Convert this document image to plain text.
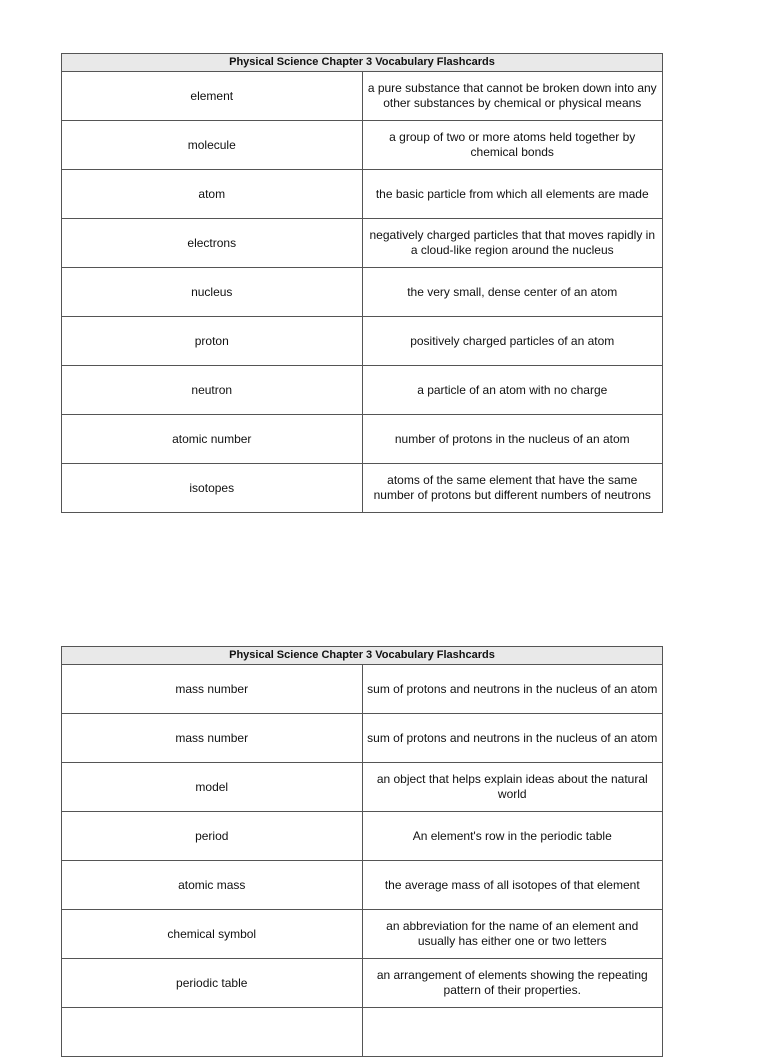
Physical Science Chapter 3 Vocabulary Flashcards	
element	a pure substance that cannot be broken down into any other substances by chemical or physical means
molecule	a group of two or more atoms held together by chemical bonds
atom	the basic particle from which all elements are made
electrons	negatively charged particles that that moves rapidly in a cloud-like region around the nucleus
nucleus	the very small, dense center of an atom
proton	positively charged particles of an atom
neutron	a particle of an atom with no charge
atomic number	number of protons in the nucleus of an atom
isotopes	atoms of the same element that have the same number of protons but different numbers of neutrons
Physical Science Chapter 3 Vocabulary Flashcards	
mass number	sum of protons and neutrons in the nucleus of an atom
mass number	sum of protons and neutrons in the nucleus of an atom
model	an object that helps explain ideas about the natural world
period	An element's row in the periodic table
atomic mass	the average mass of all isotopes of that element
chemical symbol	an abbreviation for the name of an element and usually has either one or two letters
periodic table	an arrangement of elements showing the repeating pattern of their properties.
